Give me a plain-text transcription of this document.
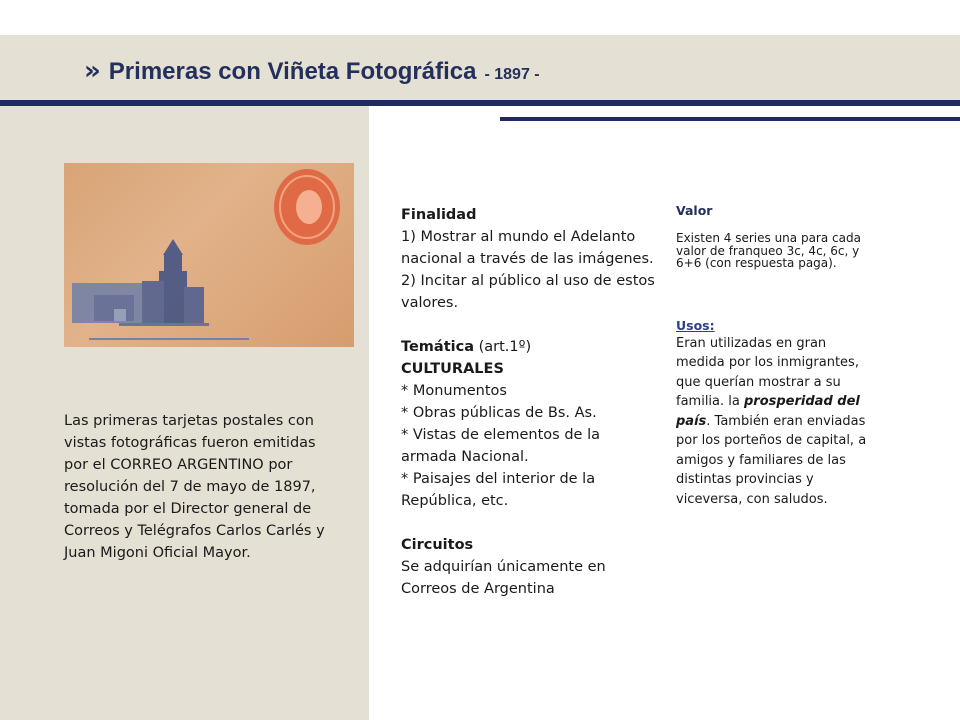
» Primeras con Viñeta Fotográfica - 1897 -
Las primeras tarjetas postales con vistas fotográficas fueron emitidas por el CORREO ARGENTINO por resolución del 7 de mayo de 1897, tomada por el Director general de Correos y Telégrafos Carlos Carlés y Juan Migoni Oficial Mayor.
Finalidad
1) Mostrar al mundo el Adelanto nacional a través de las imágenes.
2) Incitar al público al uso de estos valores.
Temática (art.1º)
CULTURALES
* Monumentos
* Obras públicas de Bs. As.
* Vistas de elementos de la armada Nacional.
* Paisajes del interior de la República, etc.
Circuitos
Se adquirían únicamente en Correos de Argentina
Valor
Existen 4 series una para cada valor de franqueo 3c, 4c, 6c, y 6+6 (con respuesta paga).
Usos:
Eran utilizadas en gran medida por los inmigrantes, que querían mostrar a su familia. la prosperidad del país. También eran enviadas por los porteños de capital, a amigos y familiares de las distintas provincias y viceversa, con saludos.
